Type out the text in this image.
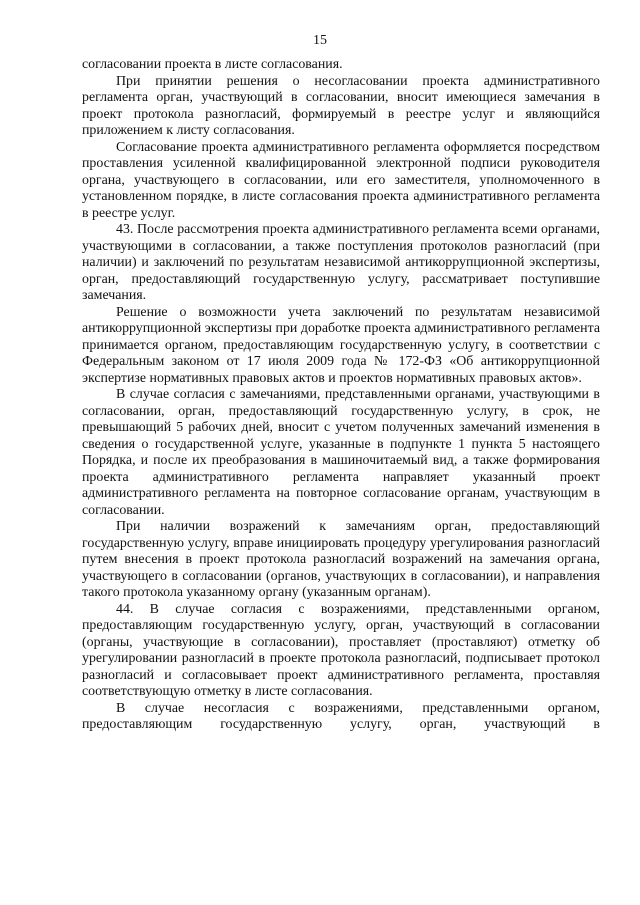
15

согласовании проекта в листе согласования.

При принятии решения о несогласовании проекта административного регламента орган, участвующий в согласовании, вносит имеющиеся замечания в проект протокола разногласий, формируемый в реестре услуг и являющийся приложением к листу согласования.

Согласование проекта административного регламента оформляется посредством проставления усиленной квалифицированной электронной подписи руководителя органа, участвующего в согласовании, или его заместителя, уполномоченного в установленном порядке, в листе согласования проекта административного регламента в реестре услуг.

43. После рассмотрения проекта административного регламента всеми органами, участвующими в согласовании, а также поступления протоколов разногласий (при наличии) и заключений по результатам независимой антикоррупционной экспертизы, орган, предоставляющий государственную услугу, рассматривает поступившие замечания.

Решение о возможности учета заключений по результатам независимой антикоррупционной экспертизы при доработке проекта административного регламента принимается органом, предоставляющим государственную услугу, в соответствии с Федеральным законом от 17 июля 2009 года № 172-ФЗ «Об антикоррупционной экспертизе нормативных правовых актов и проектов нормативных правовых актов».

В случае согласия с замечаниями, представленными органами, участвующими в согласовании, орган, предоставляющий государственную услугу, в срок, не превышающий 5 рабочих дней, вносит с учетом полученных замечаний изменения в сведения о государственной услуге, указанные в подпункте 1 пункта 5 настоящего Порядка, и после их преобразования в машиночитаемый вид, а также формирования проекта административного регламента направляет указанный проект административного регламента на повторное согласование органам, участвующим в согласовании.

При наличии возражений к замечаниям орган, предоставляющий государственную услугу, вправе инициировать процедуру урегулирования разногласий путем внесения в проект протокола разногласий возражений на замечания органа, участвующего в согласовании (органов, участвующих в согласовании), и направления такого протокола указанному органу (указанным органам).

44. В случае согласия с возражениями, представленными органом, предоставляющим государственную услугу, орган, участвующий в согласовании (органы, участвующие в согласовании), проставляет (проставляют) отметку об урегулировании разногласий в проекте протокола разногласий, подписывает протокол разногласий и согласовывает проект административного регламента, проставляя соответствующую отметку в листе согласования.

В случае несогласия с возражениями, представленными органом, предоставляющим государственную услугу, орган, участвующий в
